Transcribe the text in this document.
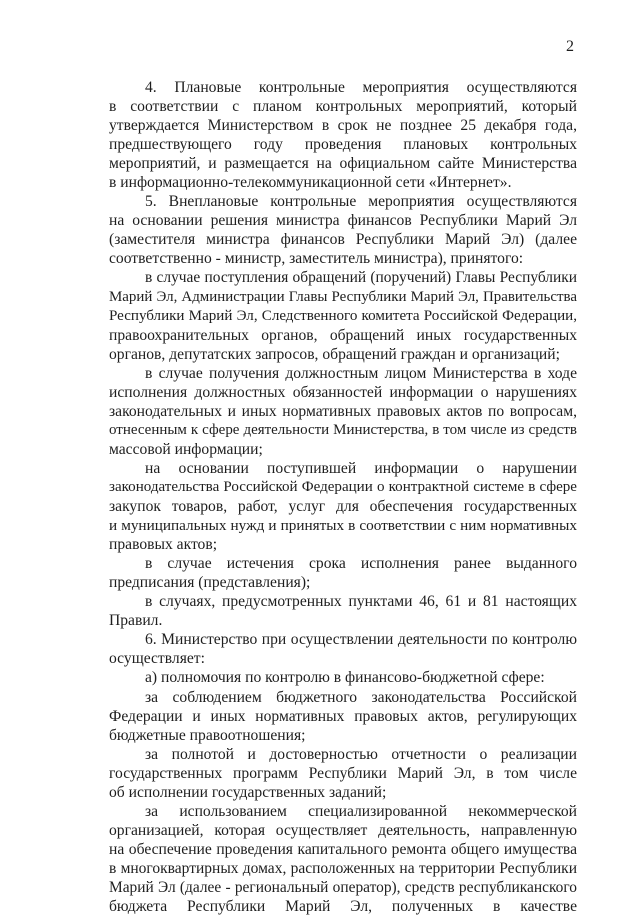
2
4. Плановые контрольные мероприятия осуществляются
в соответствии с планом контрольных мероприятий, который
утверждается Министерством в срок не позднее 25 декабря года,
предшествующего году проведения плановых контрольных
мероприятий, и размещается на официальном сайте Министерства
в информационно-телекоммуникационной сети «Интернет».
5. Внеплановые контрольные мероприятия осуществляются
на основании решения министра финансов Республики Марий Эл
(заместителя министра финансов Республики Марий Эл) (далее
соответственно - министр, заместитель министра), принятого:
в случае поступления обращений (поручений) Главы Республики
Марий Эл, Администрации Главы Республики Марий Эл, Правительства
Республики Марий Эл, Следственного комитета Российской Федерации,
правоохранительных органов, обращений иных государственных
органов, депутатских запросов, обращений граждан и организаций;
в случае получения должностным лицом Министерства в ходе
исполнения должностных обязанностей информации о нарушениях
законодательных и иных нормативных правовых актов по вопросам,
отнесенным к сфере деятельности Министерства, в том числе из средств
массовой информации;
на основании поступившей информации о нарушении
законодательства Российской Федерации о контрактной системе в сфере
закупок товаров, работ, услуг для обеспечения государственных
и муниципальных нужд и принятых в соответствии с ним нормативных
правовых актов;
в случае истечения срока исполнения ранее выданного
предписания (представления);
в случаях, предусмотренных пунктами 46, 61 и 81 настоящих
Правил.
6. Министерство при осуществлении деятельности по контролю
осуществляет:
а) полномочия по контролю в финансово-бюджетной сфере:
за соблюдением бюджетного законодательства Российской
Федерации и иных нормативных правовых актов, регулирующих
бюджетные правоотношения;
за полнотой и достоверностью отчетности о реализации
государственных программ Республики Марий Эл, в том числе
об исполнении государственных заданий;
за использованием специализированной некоммерческой
организацией, которая осуществляет деятельность, направленную
на обеспечение проведения капитального ремонта общего имущества
в многоквартирных домах, расположенных на территории Республики
Марий Эл (далее - региональный оператор), средств республиканского
бюджета Республики Марий Эл, полученных в качестве
